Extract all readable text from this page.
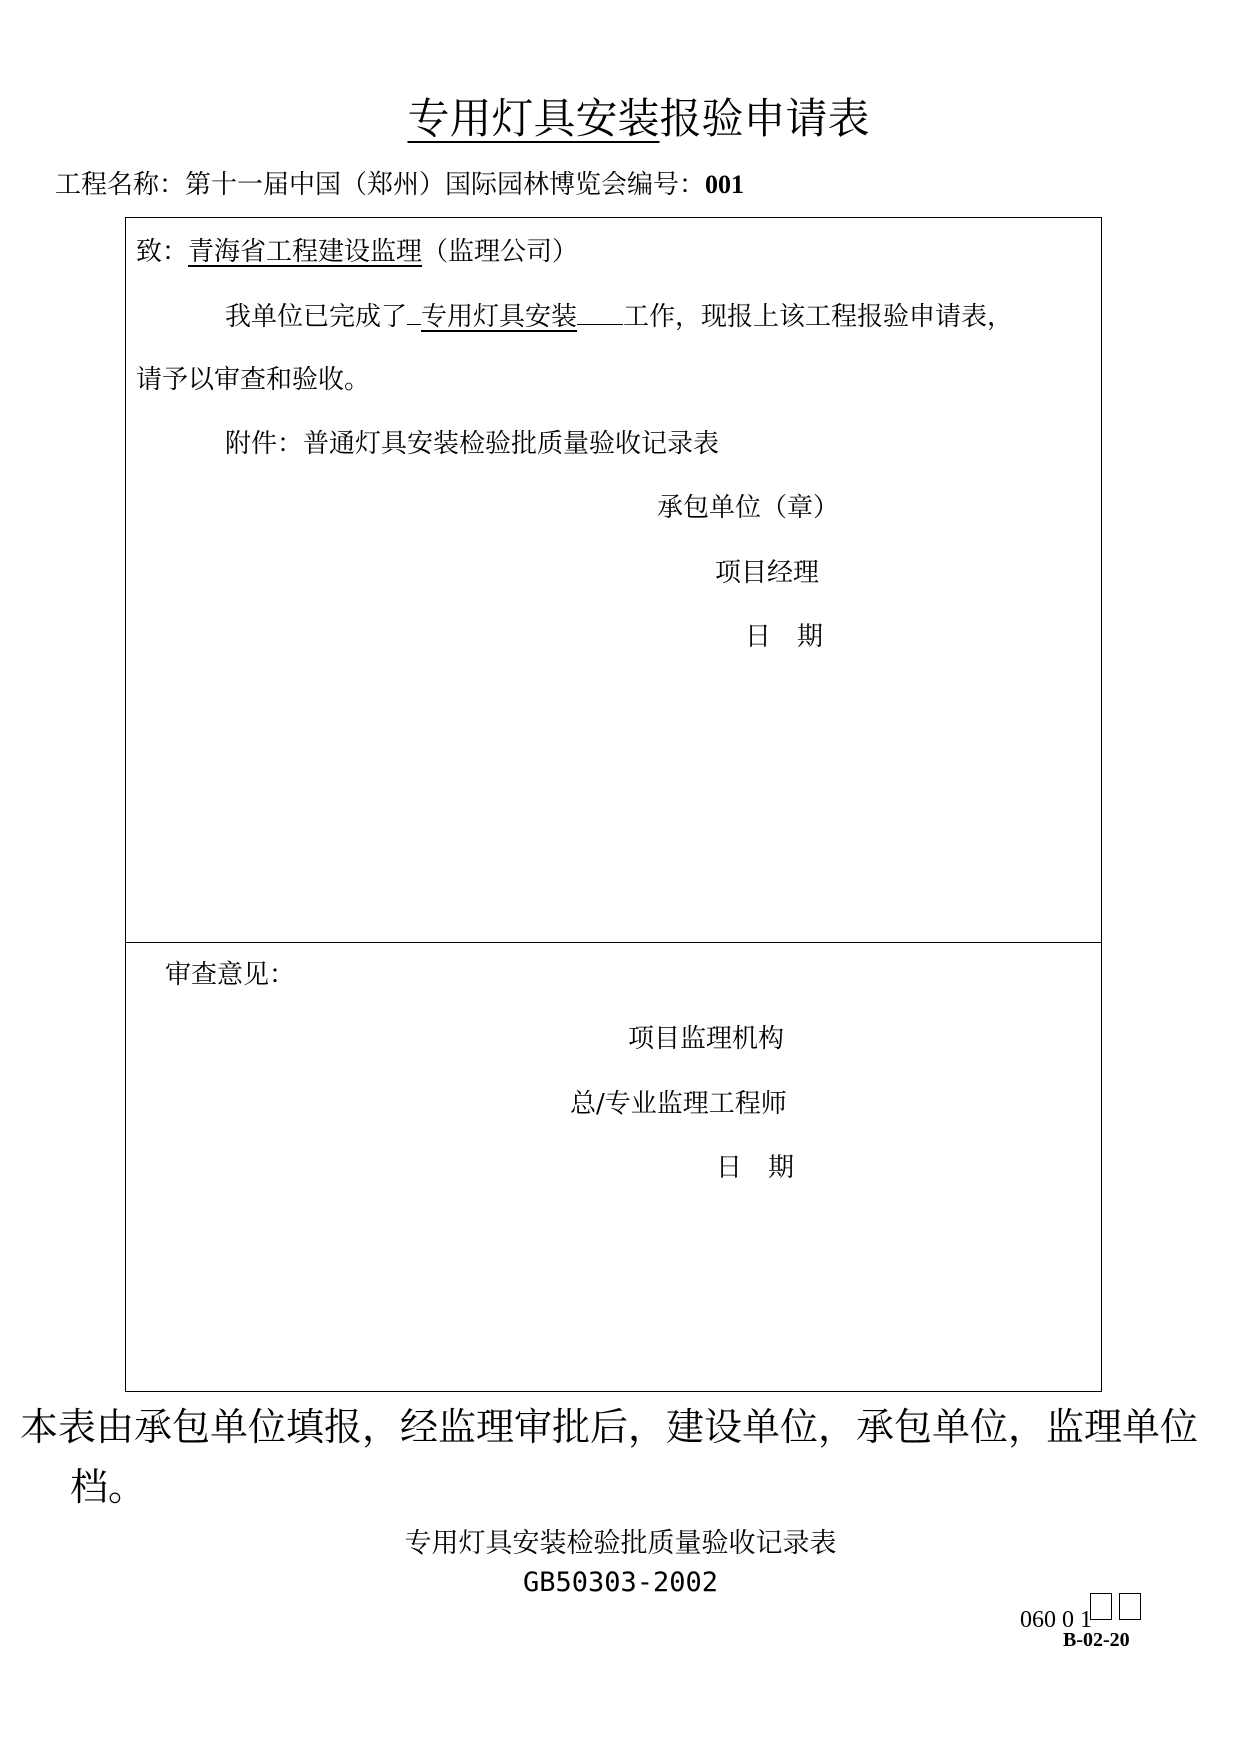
专用灯具安装报验申请表
工程名称：第十一届中国（郑州）国际园林博览会编号：001
致：青海省工程建设监理（监理公司）
我单位已完成了 专用灯具安装 工作，现报上该工程报验申请表，
请予以审查和验收。
附件：普通灯具安装检验批质量验收记录表
承包单位（章）
项目经理
日　期
审查意见：
项目监理机构
总/专业监理工程师
日　期
本表由承包单位填报，经监理审批后，建设单位，承包单位，监理单位
档。
专用灯具安装检验批质量验收记录表
GB50303-2002
060 0 1
B-02-20
